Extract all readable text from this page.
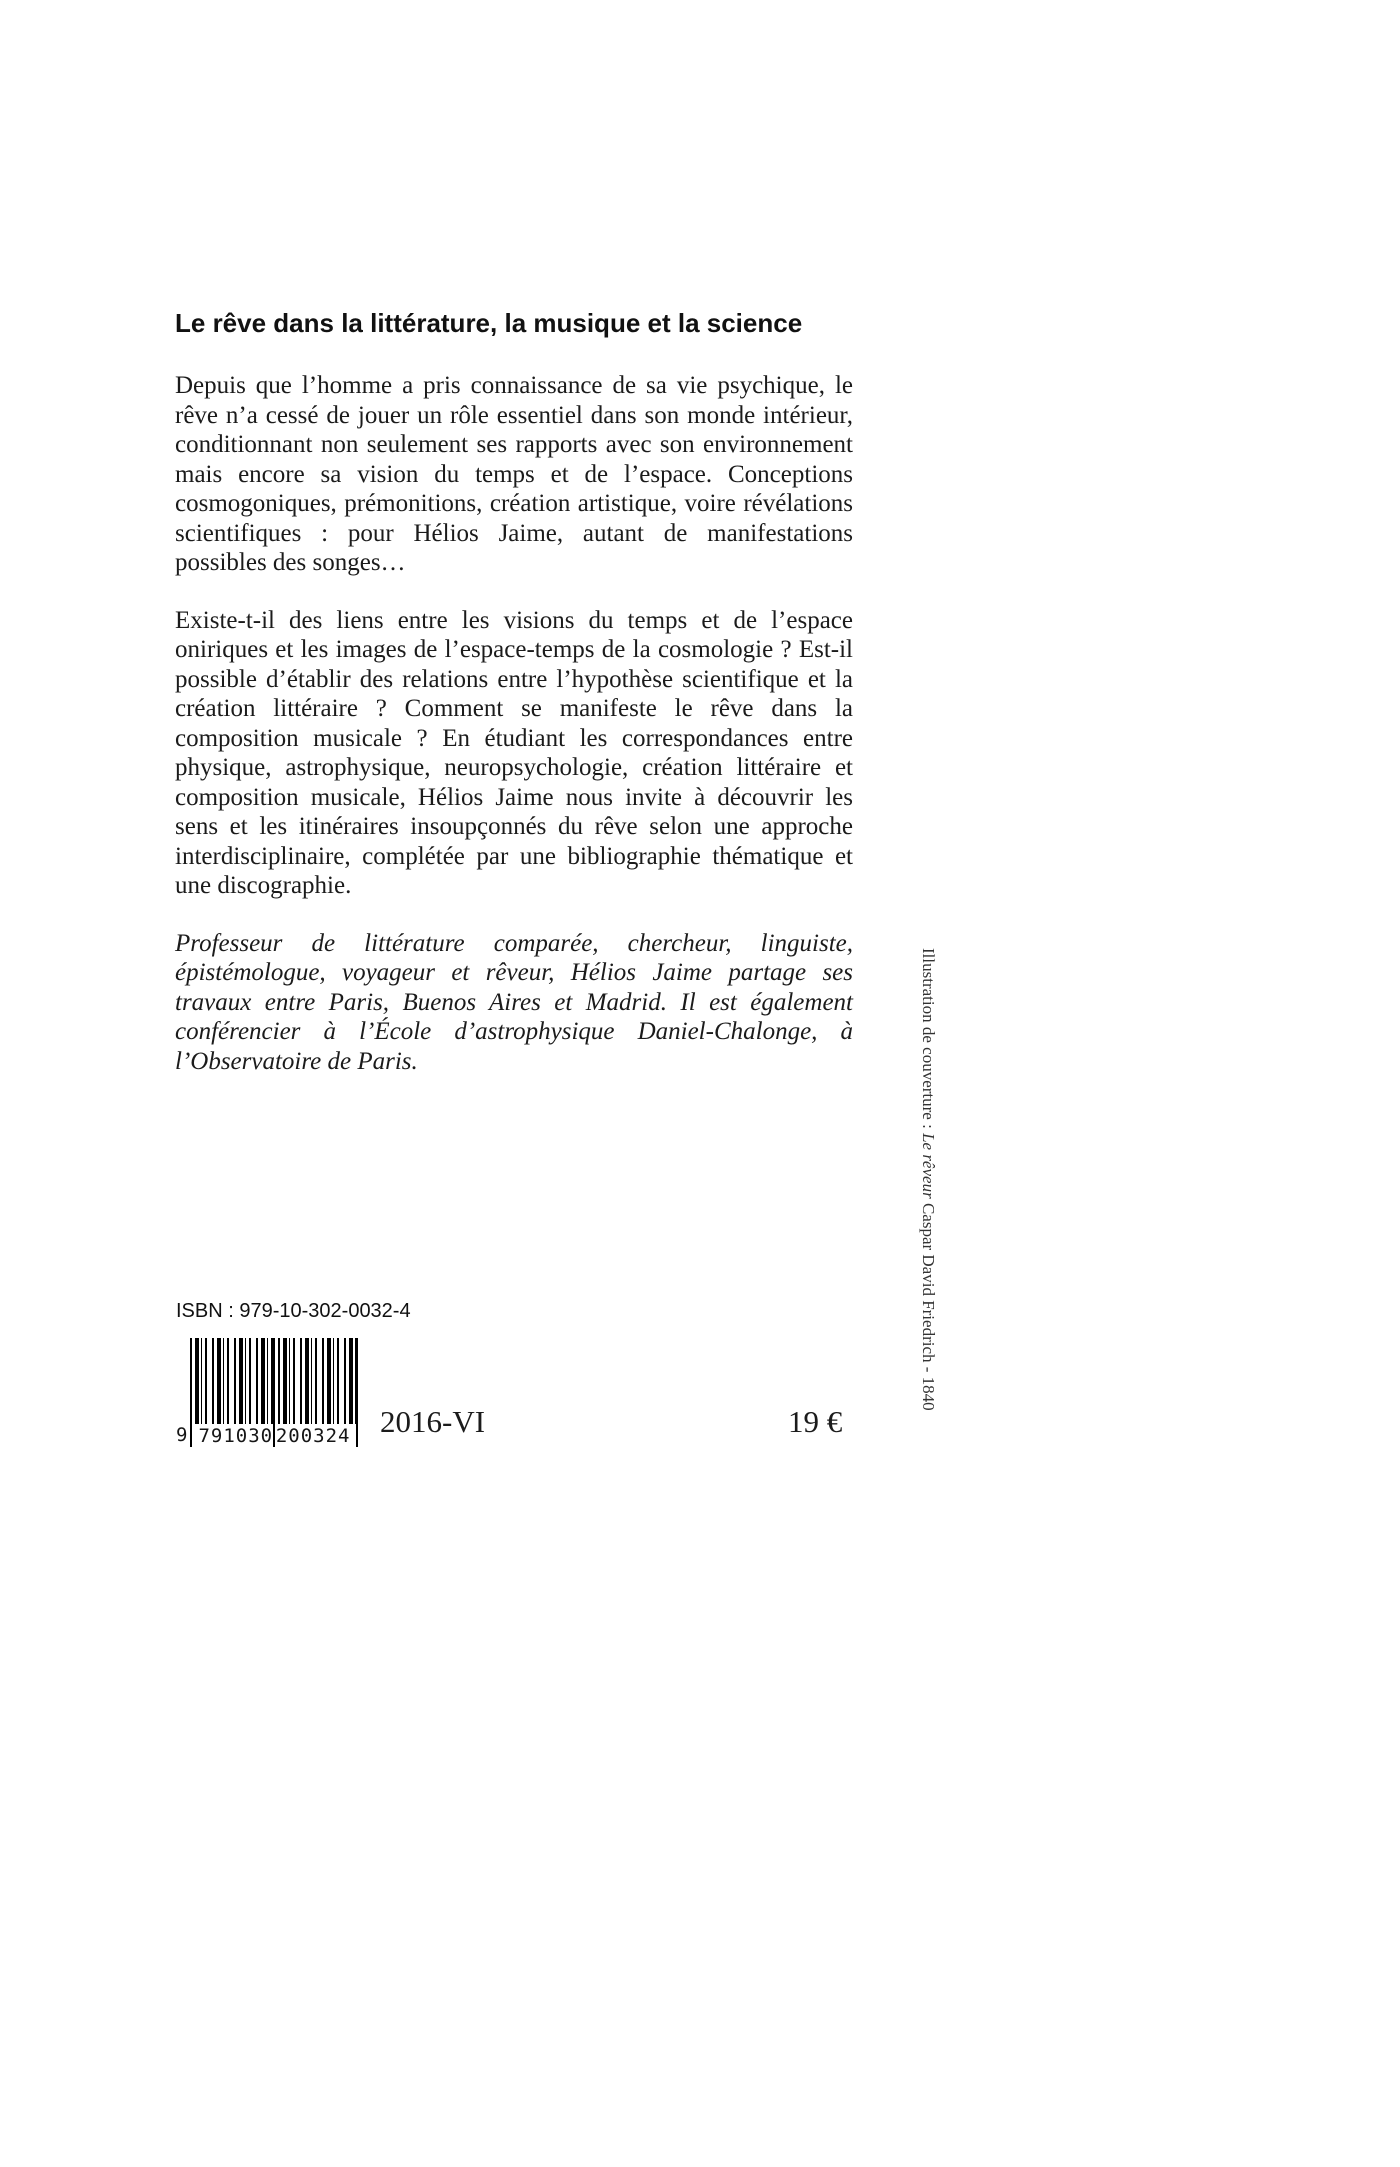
Le rêve dans la littérature, la musique et la science

Depuis que l’homme a pris connaissance de sa vie psychique, le rêve n’a cessé de jouer un rôle essentiel dans son monde intérieur, conditionnant non seulement ses rapports avec son environnement mais encore sa vision du temps et de l’espace. Conceptions cosmogoniques, prémonitions, création artistique, voire révélations scientifiques : pour Hélios Jaime, autant de manifestations possibles des songes…

Existe-t-il des liens entre les visions du temps et de l’espace oniriques et les images de l’espace-temps de la cosmologie ? Est-il possible d’établir des relations entre l’hypothèse scientifique et la création littéraire ? Comment se manifeste le rêve dans la composition musicale ? En étudiant les correspondances entre physique, astrophysique, neuropsychologie, création littéraire et composition musicale, Hélios Jaime nous invite à découvrir les sens et les itinéraires insoupçonnés du rêve selon une approche interdisciplinaire, complétée par une bibliographie thématique et une discographie.

Professeur de littérature comparée, chercheur, linguiste, épistémologue, voyageur et rêveur, Hélios Jaime partage ses travaux entre Paris, Buenos Aires et Madrid. Il est également conférencier à l’École d’astrophysique Daniel-Chalonge, à l’Observatoire de Paris.	Illustration de couverture : Le rêveur Caspar David Friedrich - 1840
ISBN : 979-10-302-0032-4
9 791030 200324 2016-VI	19 €
